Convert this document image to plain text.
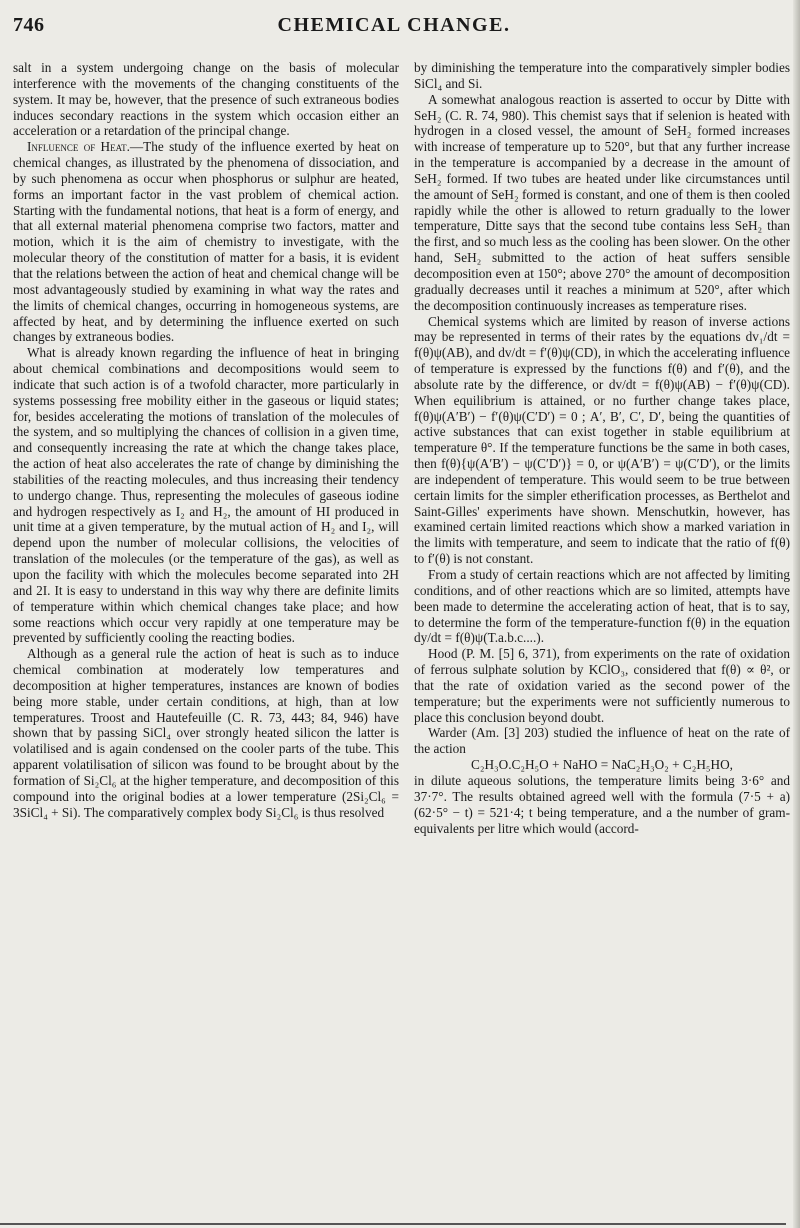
746	CHEMICAL CHANGE.

salt in a system undergoing change on the basis of molecular interference with the movements of the changing constituents of the system. It may be, however, that the presence of such extraneous bodies induces secondary reactions in the system which occasion either an acceleration or a retardation of the principal change.

Influence of Heat.—The study of the influence exerted by heat on chemical changes, as illustrated by the phenomena of dissociation, and by such phenomena as occur when phosphorus or sulphur are heated, forms an important factor in the vast problem of chemical action. Starting with the fundamental notions, that heat is a form of energy, and that all external material phenomena comprise two factors, matter and motion, which it is the aim of chemistry to investigate, with the molecular theory of the constitution of matter for a basis, it is evident that the relations between the action of heat and chemical change will be most advantageously studied by examining in what way the rates and the limits of chemical changes, occurring in homogeneous systems, are affected by heat, and by determining the influence exerted on such changes by extraneous bodies.

What is already known regarding the influence of heat in bringing about chemical combinations and decompositions would seem to indicate that such action is of a twofold character, more particularly in systems possessing free mobility either in the gaseous or liquid states; for, besides accelerating the motions of translation of the molecules of the system, and so multiplying the chances of collision in a given time, and consequently increasing the rate at which the change takes place, the action of heat also accelerates the rate of change by diminishing the stabilities of the reacting molecules, and thus increasing their tendency to undergo change. Thus, representing the molecules of gaseous iodine and hydrogen respectively as I₂ and H₂, the amount of HI produced in unit time at a given temperature, by the mutual action of H₂ and I₂, will depend upon the number of molecular collisions, the velocities of translation of the molecules (or the temperature of the gas), as well as upon the facility with which the molecules become separated into 2H and 2I. It is easy to understand in this way why there are definite limits of temperature within which chemical changes take place; and how some reactions which occur very rapidly at one temperature may be prevented by sufficiently cooling the reacting bodies.

Although as a general rule the action of heat is such as to induce chemical combination at moderately low temperatures and decomposition at higher temperatures, instances are known of bodies being more stable, under certain conditions, at high, than at low temperatures. Troost and Hautefeuille (C. R. 73, 443; 84, 946) have shown that by passing SiCl₄ over strongly heated silicon the latter is volatilised and is again condensed on the cooler parts of the tube. This apparent volatilisation of silicon was found to be brought about by the formation of Si₂Cl₆ at the higher temperature, and decomposition of this compound into the original bodies at a lower temperature (2Si₂Cl₆ = 3SiCl₄ + Si). The comparatively complex body Si₂Cl₆ is thus resolved

by diminishing the temperature into the comparatively simpler bodies SiCl₄ and Si.

A somewhat analogous reaction is asserted to occur by Ditte with SeH₂ (C. R. 74, 980). This chemist says that if selenion is heated with hydrogen in a closed vessel, the amount of SeH₂ formed increases with increase of temperature up to 520°, but that any further increase in the temperature is accompanied by a decrease in the amount of SeH₂ formed. If two tubes are heated under like circumstances until the amount of SeH₂ formed is constant, and one of them is then cooled rapidly while the other is allowed to return gradually to the lower temperature, Ditte says that the second tube contains less SeH₂ than the first, and so much less as the cooling has been slower. On the other hand, SeH₂ submitted to the action of heat suffers sensible decomposition even at 150°; above 270° the amount of decomposition gradually decreases until it reaches a minimum at 520°, after which the decomposition continuously increases as temperature rises.

Chemical systems which are limited by reason of inverse actions may be represented in terms of their rates by the equations dv₁/dt = f(θ)ψ(AB), and dv/dt = f′(θ)ψ(CD), in which the accelerating influence of temperature is expressed by the functions f(θ) and f′(θ), and the absolute rate by the difference, or dv/dt = f(θ)ψ(AB) − f′(θ)ψ(CD). When equilibrium is attained, or no further change takes place, f(θ)ψ(A′B′) − f′(θ)ψ(C′D′) = 0 ; A′, B′, C′, D′, being the quantities of active substances that can exist together in stable equilibrium at temperature θ°. If the temperature functions be the same in both cases, then f(θ){ψ(A′B′) − ψ(C′D′)} = 0, or ψ(A′B′) = ψ(C′D′), or the limits are independent of temperature. This would seem to be true between certain limits for the simpler etherification processes, as Berthelot and Saint-Gilles' experiments have shown. Menschutkin, however, has examined certain limited reactions which show a marked variation in the limits with temperature, and seem to indicate that the ratio of f(θ) to f′(θ) is not constant.

From a study of certain reactions which are not affected by limiting conditions, and of other reactions which are so limited, attempts have been made to determine the accelerating action of heat, that is to say, to determine the form of the temperature-function f(θ) in the equation dy/dt = f(θ)ψ(T.a.b.c....).

Hood (P. M. [5] 6, 371), from experiments on the rate of oxidation of ferrous sulphate solution by KClO₃, considered that f(θ) ∝ θ², or that the rate of oxidation varied as the second power of the temperature; but the experiments were not sufficiently numerous to place this conclusion beyond doubt.

Warder (Am. [3] 203) studied the influence of heat on the rate of the action

C₂H₃O.C₂H₅O + NaHO = NaC₂H₃O₂ + C₂H₅HO,

in dilute aqueous solutions, the temperature limits being 3·6° and 37·7°. The results obtained agreed well with the formula (7·5 + a)(62·5° − t) = 521·4; t being temperature, and a the number of gram-equivalents per litre which would (accord-
